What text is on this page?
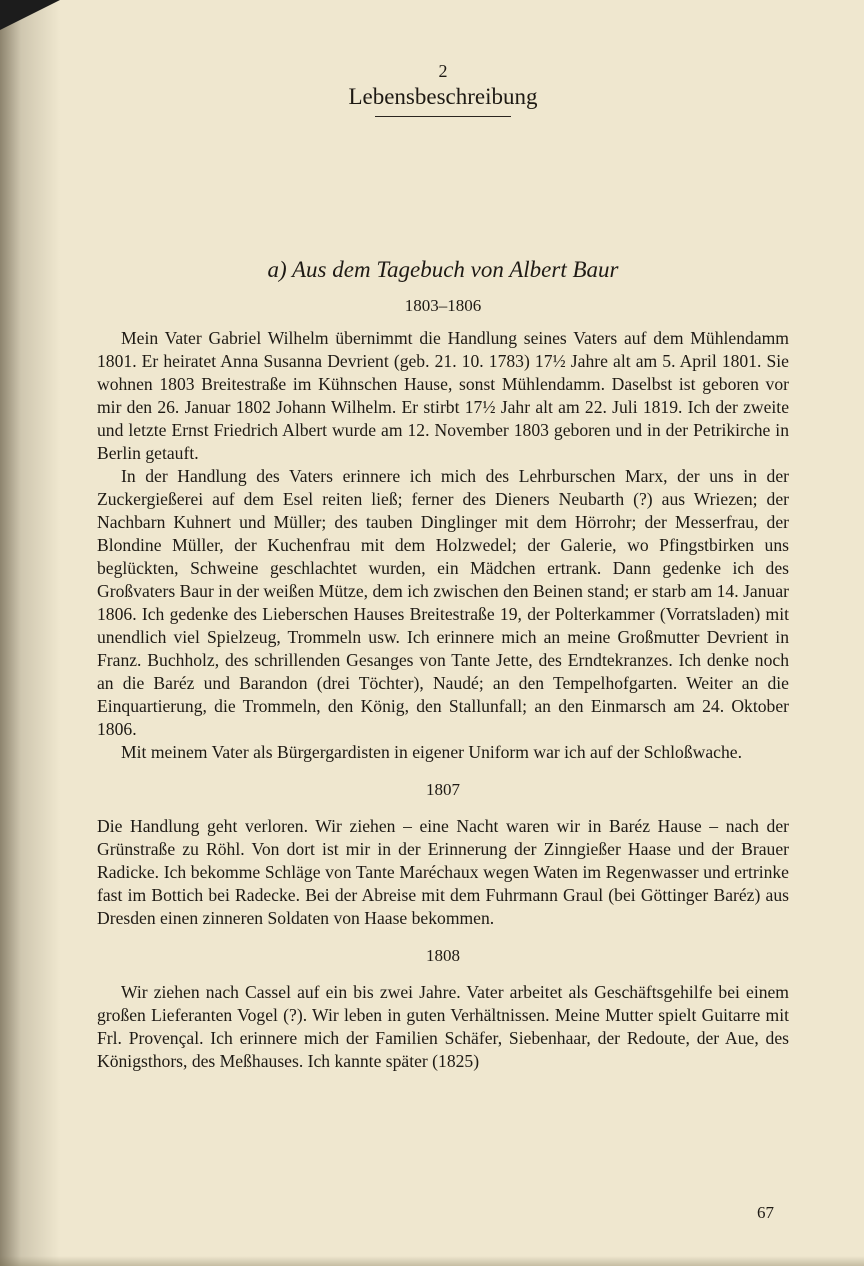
2
Lebensbeschreibung
a) Aus dem Tagebuch von Albert Baur
1803–1806

Mein Vater Gabriel Wilhelm übernimmt die Handlung seines Vaters auf dem Mühlendamm 1801. Er heiratet Anna Susanna Devrient (geb. 21. 10. 1783) 17½ Jahre alt am 5. April 1801. Sie wohnen 1803 Breitestraße im Kühnschen Hause, sonst Mühlendamm. Daselbst ist geboren vor mir den 26. Januar 1802 Johann Wilhelm. Er stirbt 17½ Jahr alt am 22. Juli 1819. Ich der zweite und letzte Ernst Friedrich Albert wurde am 12. November 1803 geboren und in der Petrikirche in Berlin getauft.

In der Handlung des Vaters erinnere ich mich des Lehrburschen Marx, der uns in der Zuckergießerei auf dem Esel reiten ließ; ferner des Dieners Neubarth (?) aus Wriezen; der Nachbarn Kuhnert und Müller; des tauben Dinglinger mit dem Hörrohr; der Messerfrau, der Blondine Müller, der Kuchenfrau mit dem Holzwedel; der Galerie, wo Pfingstbirken uns beglückten, Schweine geschlachtet wurden, ein Mädchen ertrank. Dann gedenke ich des Großvaters Baur in der weißen Mütze, dem ich zwischen den Beinen stand; er starb am 14. Januar 1806. Ich gedenke des Lieberschen Hauses Breitestraße 19, der Polterkammer (Vorratsladen) mit unendlich viel Spielzeug, Trommeln usw. Ich erinnere mich an meine Großmutter Devrient in Franz. Buchholz, des schrillenden Gesanges von Tante Jette, des Erndtekranzes. Ich denke noch an die Baréz und Barandon (drei Töchter), Naudé; an den Tempelhofgarten. Weiter an die Einquartierung, die Trommeln, den König, den Stallunfall; an den Einmarsch am 24. Oktober 1806.

Mit meinem Vater als Bürgergardisten in eigener Uniform war ich auf der Schloßwache.

1807

Die Handlung geht verloren. Wir ziehen – eine Nacht waren wir in Baréz Hause – nach der Grünstraße zu Röhl. Von dort ist mir in der Erinnerung der Zinngießer Haase und der Brauer Radicke. Ich bekomme Schläge von Tante Maréchaux wegen Waten im Regenwasser und ertrinke fast im Bottich bei Radecke. Bei der Abreise mit dem Fuhrmann Graul (bei Göttinger Baréz) aus Dresden einen zinneren Soldaten von Haase bekommen.

1808

Wir ziehen nach Cassel auf ein bis zwei Jahre. Vater arbeitet als Geschäftsgehilfe bei einem großen Lieferanten Vogel (?). Wir leben in guten Verhältnissen. Meine Mutter spielt Guitarre mit Frl. Provençal. Ich erinnere mich der Familien Schäfer, Siebenhaar, der Redoute, der Aue, des Königsthors, des Meßhauses. Ich kannte später (1825)

67
